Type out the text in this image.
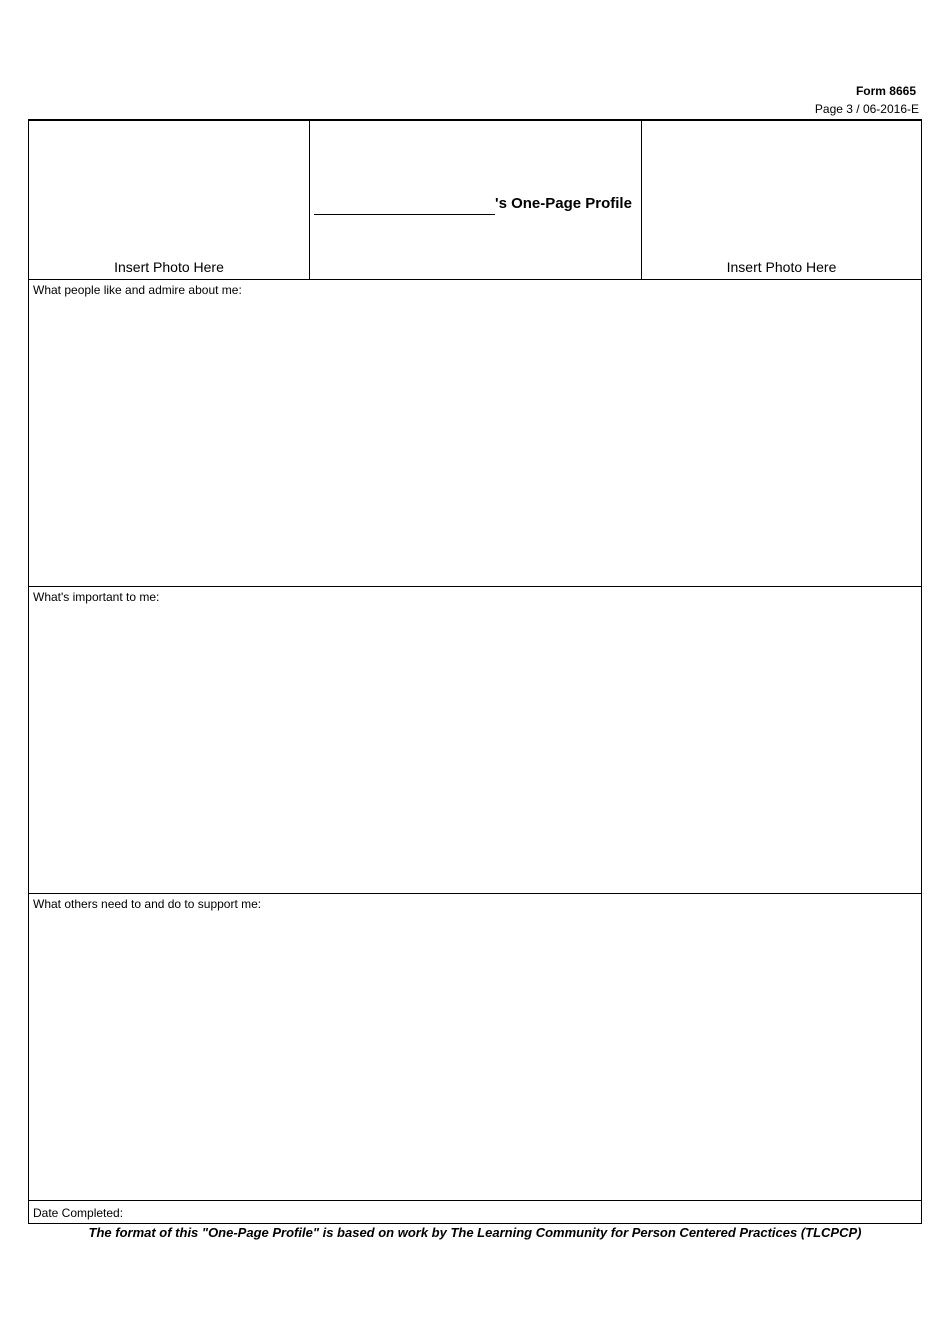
Form 8665
Page 3 / 06-2016-E
Insert Photo Here
's One-Page Profile
Insert Photo Here
What people like and admire about me:
What's important to me:
What others need to and do to support me:
Date Completed:
The format of this "One-Page Profile" is based on work by The Learning Community for Person Centered Practices (TLCPCP)
